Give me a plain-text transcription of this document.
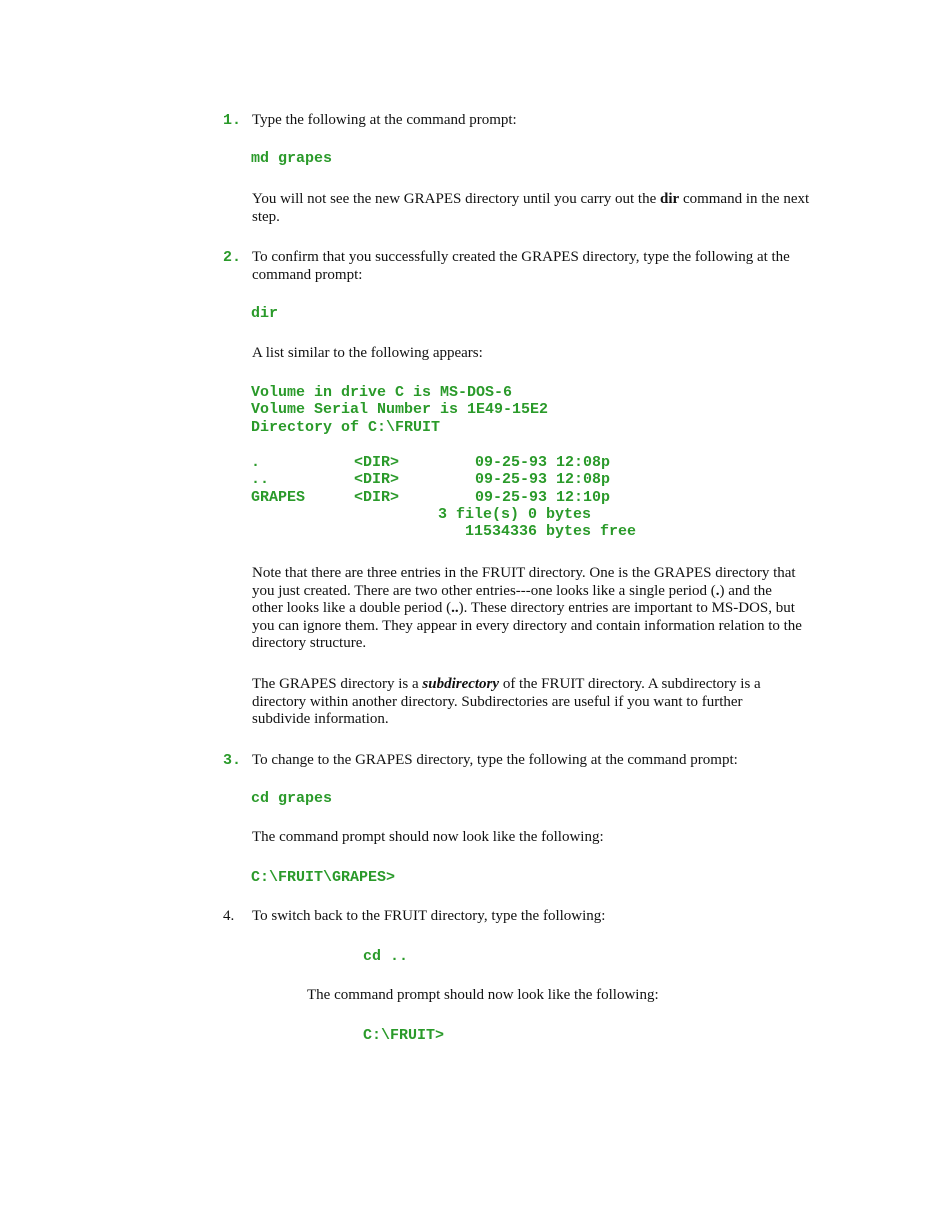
1. Type the following at the command prompt:

md grapes

You will not see the new GRAPES directory until you carry out the dir command in the next step.

2. To confirm that you successfully created the GRAPES directory, type the following at the command prompt:

dir

A list similar to the following appears:

Volume in drive C is MS-DOS-6
Volume Serial Number is 1E49-15E2
Directory of C:\FRUIT
.	<DIR>	09-25-93 12:08p
..	<DIR>	09-25-93 12:08p
GRAPES	<DIR>	09-25-93 12:10p
3 file(s) 0 bytes
11534336 bytes free

Note that there are three entries in the FRUIT directory. One is the GRAPES directory that you just created. There are two other entries---one looks like a single period (.) and the other looks like a double period (..). These directory entries are important to MS-DOS, but you can ignore them. They appear in every directory and contain information relation to the directory structure.

The GRAPES directory is a subdirectory of the FRUIT directory. A subdirectory is a directory within another directory. Subdirectories are useful if you want to further subdivide information.

3. To change to the GRAPES directory, type the following at the command prompt:

cd grapes

The command prompt should now look like the following:

C:\FRUIT\GRAPES>
4. To switch back to the FRUIT directory, type the following:

cd ..

The command prompt should now look like the following:

C:\FRUIT>
